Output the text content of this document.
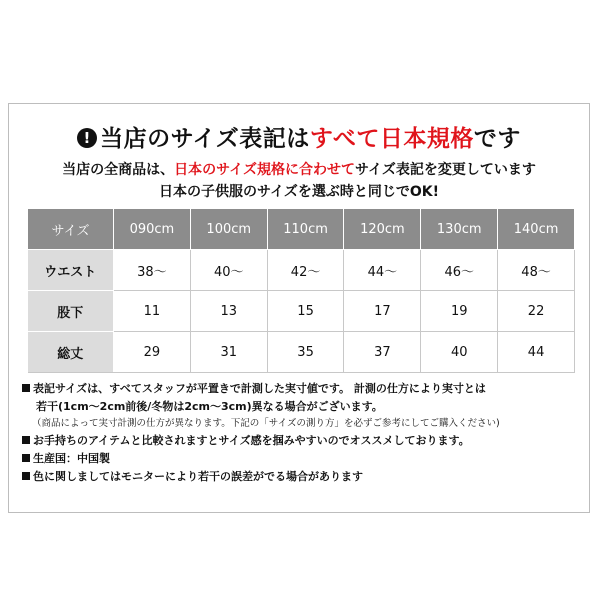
! 当店のサイズ表記はすべて日本規格です
当店の全商品は、日本のサイズ規格に合わせてサイズ表記を変更しています
日本の子供服のサイズを選ぶ時と同じでOK!
サイズ	090cm	100cm	110cm	120cm	130cm	140cm
ウエスト	38〜	40〜	42〜	44〜	46〜	48〜
股下	11	13	15	17	19	22
総丈	29	31	35	37	40	44
表記サイズは、すべてスタッフが平置きで計測した実寸値です。 計測の仕方により実寸とは
若干(1cm〜2cm前後/冬物は2cm〜3cm)異なる場合がございます。
（商品によって実寸計測の仕方が異なります。下記の「サイズの測り方」を必ずご参考にしてご購入ください)
お手持ちのアイテムと比較されますとサイズ感を掴みやすいのでオススメしております。
生産国：中国製
色に関しましてはモニターにより若干の誤差がでる場合があります
